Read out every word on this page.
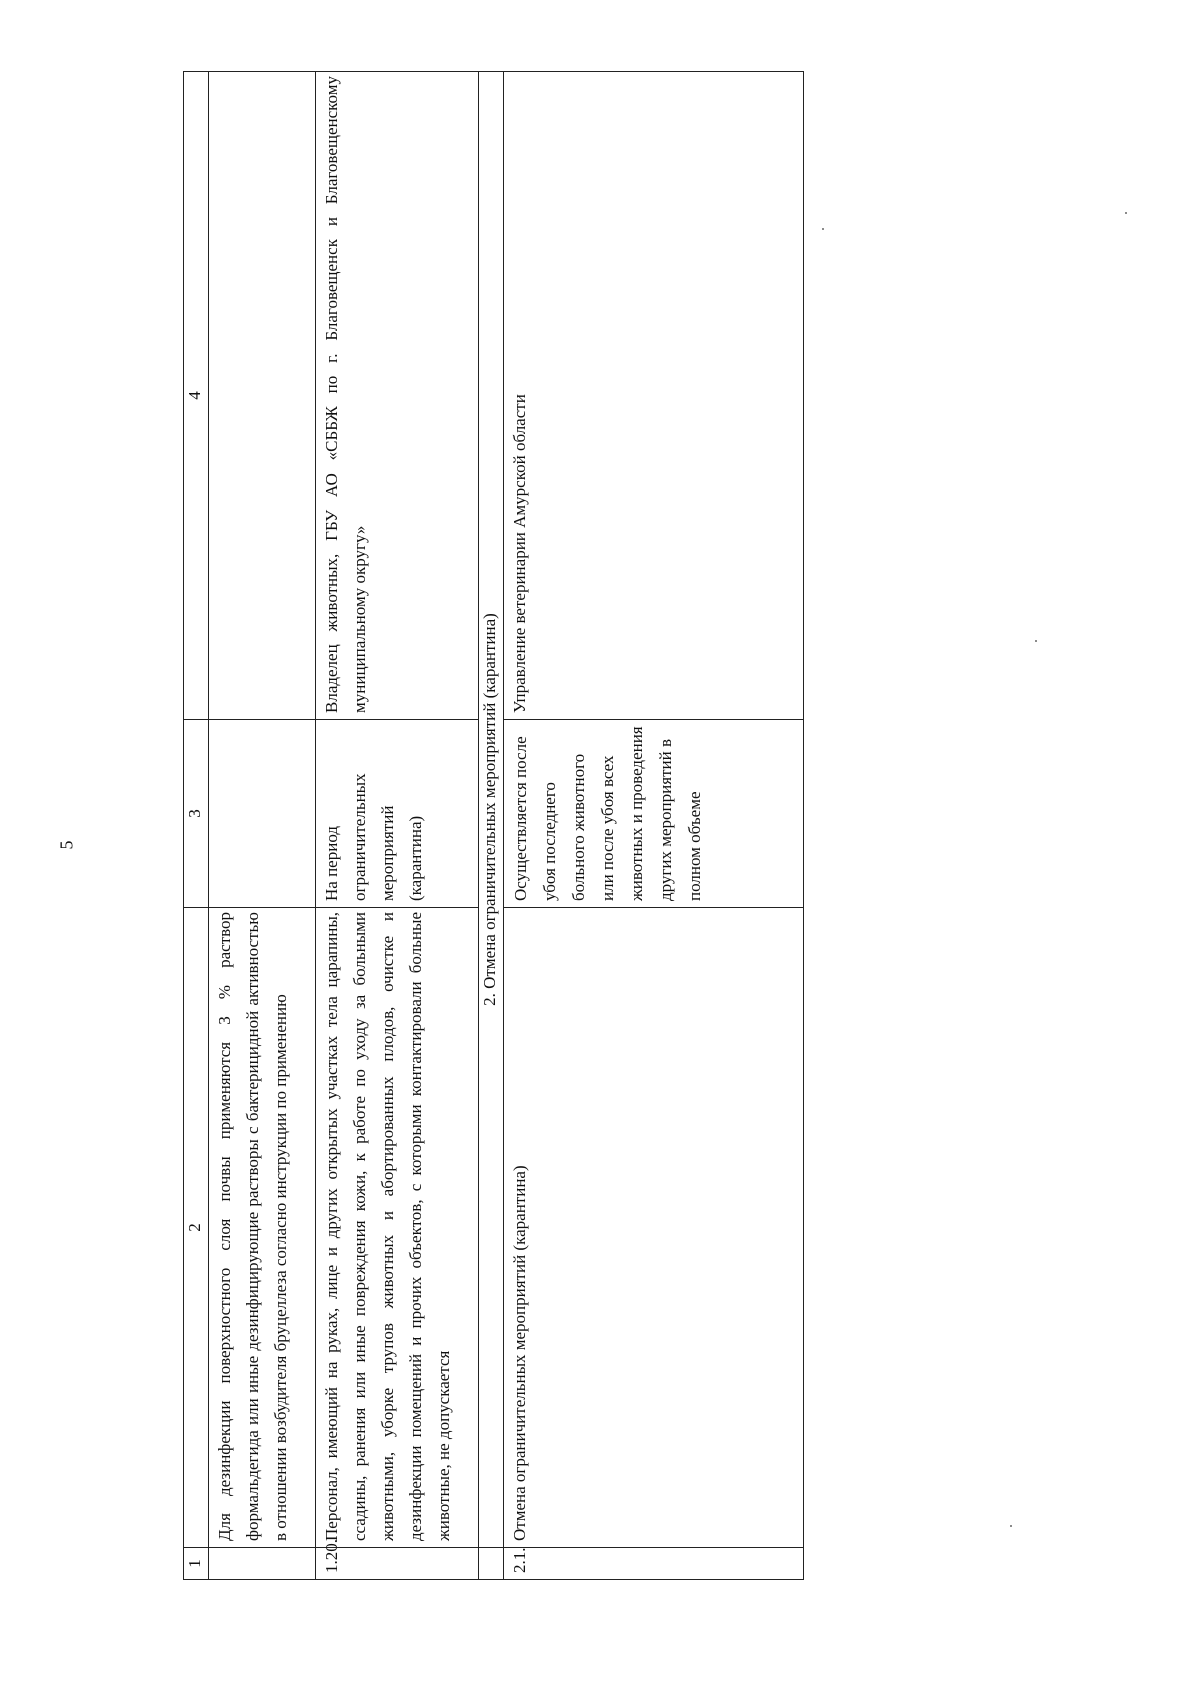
5
1	2	3	4
	Для дезинфекции поверхностного слоя почвы применяются 3 % раствор формальдегида или иные дезинфицирующие растворы с бактерицидной активностью в отношении возбудителя бруцеллеза согласно инструкции по применению		
1.20.	Персонал, имеющий на руках, лице и других открытых участках тела царапины, ссадины, ранения или иные повреждения кожи, к работе по уходу за больными животными, уборке трупов животных и абортированных плодов, очистке и дезинфекции помещений и прочих объектов, с которыми контактировали больные животные, не допускается	На период ограничительных мероприятий (карантина)	Владелец животных, ГБУ АО «СББЖ по г. Благовещенск и Благовещенскому муниципальному округу»
	2. Отмена ограничительных мероприятий (карантина)		
2.1.	Отмена ограничительных мероприятий (карантина)	Осуществляется после убоя последнего больного животного или после убоя всех животных и проведения других мероприятий в полном объеме	Управление ветеринарии Амурской области
